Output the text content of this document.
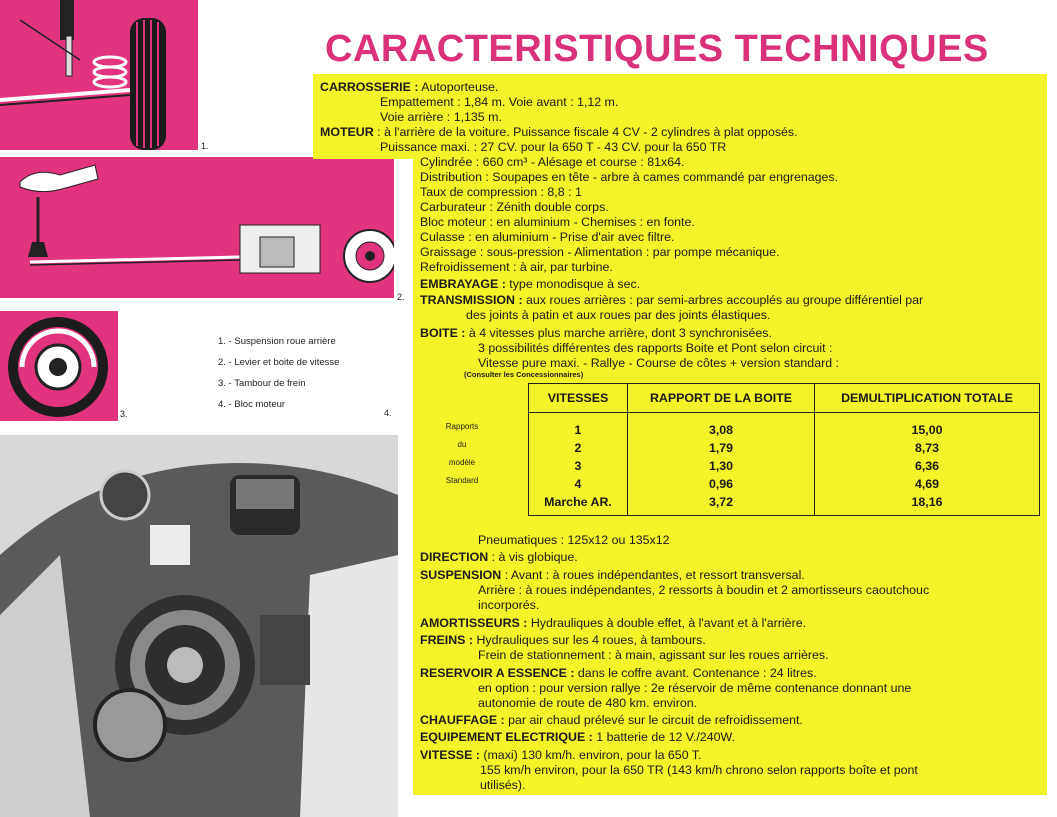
CARACTERISTIQUES TECHNIQUES
1.
2.
3.
1. - Suspension roue arrière
2. - Levier et boite de vitesse
3. - Tambour de frein
4. - Bloc moteur
4.
CARROSSERIE : Autoporteuse.
Empattement : 1,84 m. Voie avant : 1,12 m.
Voie arrière : 1,135 m.
MOTEUR : à l'arrière de la voiture. Puissance fiscale 4 CV - 2 cylindres à plat opposés.
Puissance maxi. : 27 CV. pour la 650 T - 43 CV. pour la 650 TR
Cylindrée : 660 cm³ - Alésage et course : 81x64.
Distribution : Soupapes en tête - arbre à cames commandé par engrenages.
Taux de compression : 8,8 : 1
Carburateur : Zénith double corps.
Bloc moteur : en aluminium - Chemises : en fonte.
Culasse : en aluminium - Prise d'air avec filtre.
Graissage : sous-pression - Alimentation : par pompe mécanique.
Refroidissement : à air, par turbine.
EMBRAYAGE : type monodisque à sec.
TRANSMISSION : aux roues arrières : par semi-arbres accouplés au groupe différentiel par
des joints à patin et aux roues par des joints élastiques.
BOITE : à 4 vitesses plus marche arrière, dont 3 synchronisées.
3 possibilités différentes des rapports Boite et Pont selon circuit :
Vitesse pure maxi. - Rallye - Course de côtes + version standard :
(Consulter les Concessionnaires)
Rapports
du
modèle
Standard
VITESSES	RAPPORT DE LA BOITE	DEMULTIPLICATION TOTALE
1	3,08	15,00
2	1,79	8,73
3	1,30	6,36
4	0,96	4,69
Marche AR.	3,72	18,16
Pneumatiques : 125x12 ou 135x12
DIRECTION : à vis globique.
SUSPENSION : Avant : à roues indépendantes, et ressort transversal.
Arrière : à roues indépendantes, 2 ressorts à boudin et 2 amortisseurs caoutchouc
incorporés.
AMORTISSEURS : Hydrauliques à double effet, à l'avant et à l'arrière.
FREINS : Hydrauliques sur les 4 roues, à tambours.
Frein de stationnement : à main, agissant sur les roues arrières.
RESERVOIR A ESSENCE : dans le coffre avant. Contenance : 24 litres.
en option : pour version rallye : 2e réservoir de même contenance donnant une
autonomie de route de 480 km. environ.
CHAUFFAGE : par air chaud prélevé sur le circuit de refroidissement.
EQUIPEMENT ELECTRIQUE : 1 batterie de 12 V./240W.
VITESSE : (maxi) 130 km/h. environ, pour la 650 T.
155 km/h environ, pour la 650 TR (143 km/h chrono selon rapports boîte et pont
utilisés).
